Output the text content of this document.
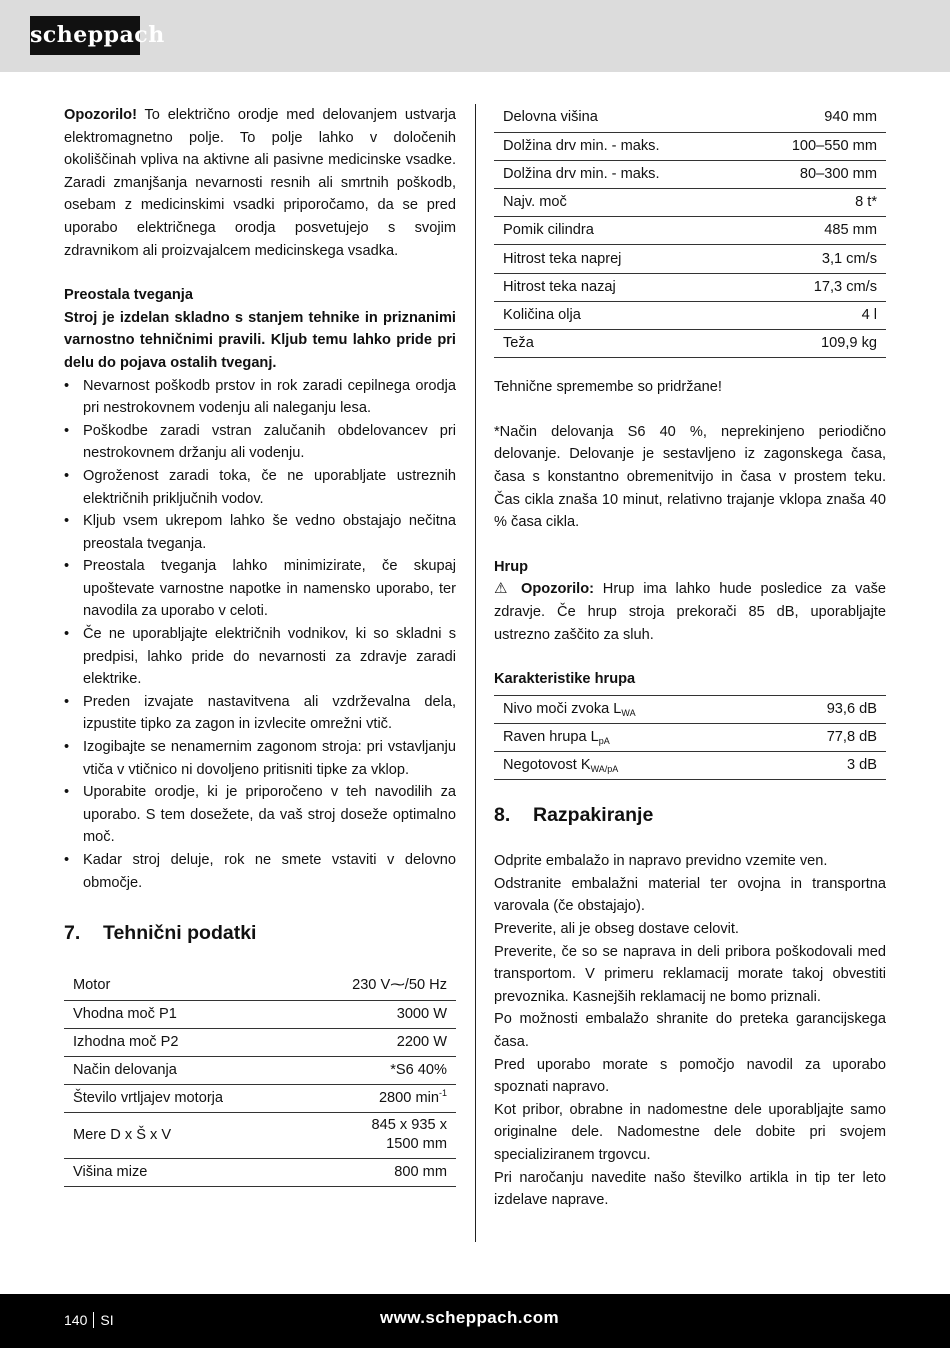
scheppach

Opozorilo! To električno orodje med delovanjem ustvarja elektromagnetno polje. To polje lahko v določenih okoliščinah vpliva na aktivne ali pasivne medicinske vsadke. Zaradi zmanjšanja nevarnosti resnih ali smrtnih poškodb, osebam z medicinskimi vsadki priporočamo, da se pred uporabo električnega orodja posvetujejo s svojim zdravnikom ali proizvajalcem medicinskega vsadka.

Preostala tveganja

Stroj je izdelan skladno s stanjem tehnike in priznanimi varnostno tehničnimi pravili. Kljub temu lahko pride pri delu do pojava ostalih tveganj.

• Nevarnost poškodb prstov in rok zaradi cepilnega orodja pri nestrokovnem vodenju ali naleganju lesa.
• Poškodbe zaradi vstran zalučanih obdelovancev pri nestrokovnem držanju ali vodenju.
• Ogroženost zaradi toka, če ne uporabljate ustreznih električnih priključnih vodov.
• Kljub vsem ukrepom lahko še vedno obstajajo nečitna preostala tveganja.
• Preostala tveganja lahko minimizirate, če skupaj upoštevate varnostne napotke in namensko uporabo, ter navodila za uporabo v celoti.
• Če ne uporabljajte električnih vodnikov, ki so skladni s predpisi, lahko pride do nevarnosti za zdravje zaradi elektrike.
• Preden izvajate nastavitvena ali vzdrževalna dela, izpustite tipko za zagon in izvlecite omrežni vtič.
• Izogibajte se nenamernim zagonom stroja: pri vstavljanju vtiča v vtičnico ni dovoljeno pritisniti tipke za vklop.
• Uporabite orodje, ki je priporočeno v teh navodilih za uporabo. S tem dosežete, da vaš stroj doseže optimalno moč.
• Kadar stroj deluje, rok ne smete vstaviti v delovno območje.
7.	Tehnični podatki
Motor	230 V⁓/50 Hz
Vhodna moč P1	3000 W
Izhodna moč P2	2200 W
Način delovanja	*S6 40%
Število vrtljajev motorja	2800 $\min^{-1}$
Mere D x Š x V	845 x 935 x
1500 mm
Višina mize	800 mm
Delovna višina	940 mm
Dolžina drv min. - maks.	100–550 mm
Dolžina drv min. - maks.	80–300 mm
Najv. moč	8 t*
Pomik cilindra	485 mm
Hitrost teka naprej	3,1 cm/s
Hitrost teka nazaj	17,3 cm/s
Količina olja	4 l
Teža	109,9 kg

Tehnične spremembe so pridržane!

*Način delovanja S6 40 %, neprekinjeno periodično delovanje. Delovanje je sestavljeno iz zagonskega časa, časa s konstantno obremenitvijo in časa v prostem teku. Čas cikla znaša 10 minut, relativno trajanje vklopa znaša 40 % časa cikla.

Hrup

⚠ Opozorilo: Hrup ima lahko hude posledice za vaše zdravje. Če hrup stroja prekorači 85 dB, uporabljajte ustrezno zaščito za sluh.

Karakteristike hrupa
Nivo moči zvoka $L_{WA}$	93,6 dB
Raven hrupa $L_{pA}$	77,8 dB
Negotovost $K_{WA/pA}$	3 dB
8.	Razpakiranje

Odprite embalažo in napravo previdno vzemite ven.

Odstranite embalažni material ter ovojna in transportna varovala (če obstajajo).

Preverite, ali je obseg dostave celovit.

Preverite, če so se naprava in deli pribora poškodovali med transportom. V primeru reklamacij morate takoj obvestiti prevoznika. Kasnejših reklamacij ne bomo priznali.

Po možnosti embalažo shranite do preteka garancijskega časa.

Pred uporabo morate s pomočjo navodil za uporabo spoznati napravo.

Kot pribor, obrabne in nadomestne dele uporabljajte samo originalne dele. Nadomestne dele dobite pri svojem specializiranem trgovcu.

Pri naročanju navedite našo številko artikla in tip ter leto izdelave naprave.

140 SI	www.scheppach.com
